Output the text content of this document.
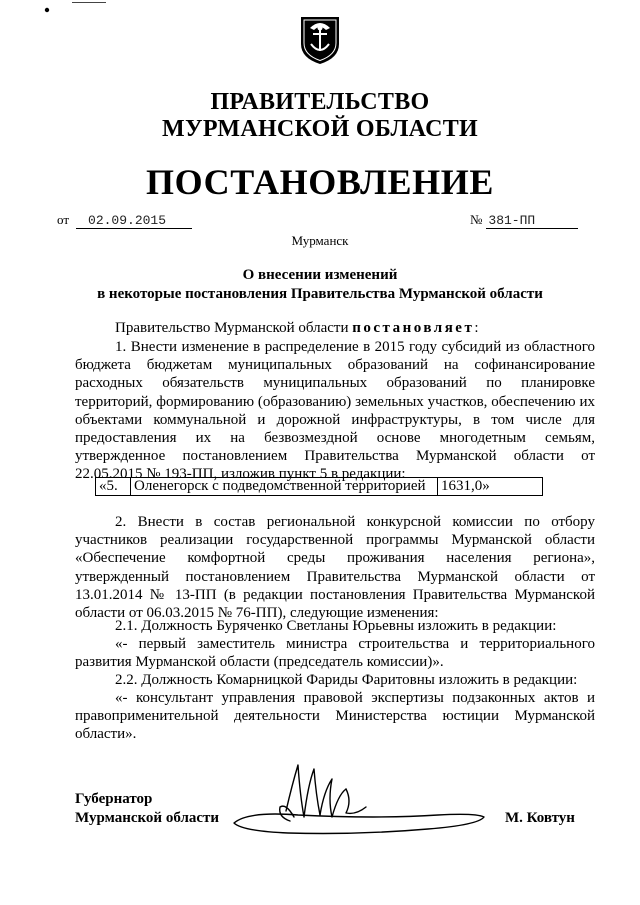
ПРАВИТЕЛЬСТВО
МУРМАНСКОЙ ОБЛАСТИ
ПОСТАНОВЛЕНИЕ
от 02.09.2015	№ 381-ПП
Мурманск
О внесении изменений
в некоторые постановления Правительства Мурманской области
Правительство Мурманской области постановляет:
1. Внести изменение в распределение в 2015 году субсидий из областного бюджета бюджетам муниципальных образований на софинансирование расходных обязательств муниципальных образований по планировке территорий, формированию (образованию) земельных участков, обеспечению их объектами коммунальной и дорожной инфраструктуры, в том числе для предоставления их на безвозмездной основе многодетным семьям, утвержденное постановлением Правительства Мурманской области от 22.05.2015 № 193-ПП, изложив пункт 5 в редакции:
«5.	Оленегорск с подведомственной территорией	1631,0»
2. Внести в состав региональной конкурсной комиссии по отбору участников реализации государственной программы Мурманской области «Обеспечение комфортной среды проживания населения региона», утвержденный постановлением Правительства Мурманской области от 13.01.2014 № 13-ПП (в редакции постановления Правительства Мурманской области от 06.03.2015 № 76-ПП), следующие изменения:
2.1. Должность Буряченко Светланы Юрьевны изложить в редакции:
«- первый заместитель министра строительства и территориального развития Мурманской области (председатель комиссии)».
2.2. Должность Комарницкой Фариды Фаритовны изложить в редакции:
«- консультант управления правовой экспертизы подзаконных актов и правоприменительной деятельности Министерства юстиции Мурманской области».
Губернатор
Мурманской области	М. Ковтун
